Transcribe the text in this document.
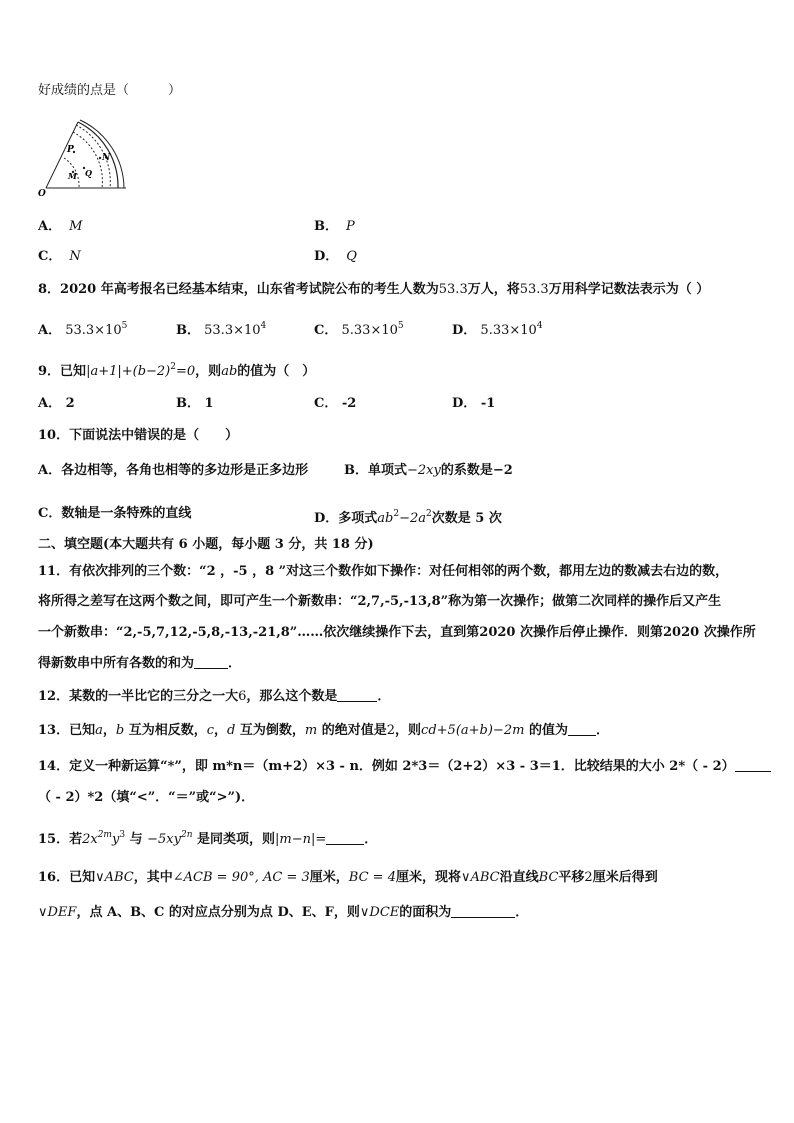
好成绩的点是（　　　）
P
N
M Q
O
A． M	B． P
C． N	D． Q
8．2020 年高考报名已经基本结束，山东省考试院公布的考生人数为53.3万人，将53.3万用科学记数法表示为（ ）
A． $53.3\times 10^5$	B． $53.3\times 10^4$	C． $5.33\times 10^5$	D． $5.33\times 10^4$
9．已知$|a+1|+(b-2)^2=0$，则ab的值为（　）
A． 2	B． 1	C． -2	D． -1
10．下面说法中错误的是（　　）
A．各边相等，各角也相等的多边形是正多边形	B．单项式−2xy的系数是−2
C．数轴是一条特殊的直线	D．多项式$ab^2-2a^2$次数是 5 次
二、填空题(本大题共有 6 小题，每小题 3 分，共 18 分)
11．有依次排列的三个数：“2 ，-5 ，8 ”对这三个数作如下操作：对任何相邻的两个数，都用左边的数减去右边的数，
将所得之差写在这两个数之间，即可产生一个新数串：“2,7,-5,-13,8”称为第一次操作；做第二次同样的操作后又产生
一个新数串：“2,-5,7,12,-5,8,-13,-21,8”……依次继续操作下去，直到第2020 次操作后停止操作．则第2020 次操作所
得新数串中所有各数的和为	．
12．某数的一半比它的三分之一大6，那么这个数是	．
13．已知a，b 互为相反数，c，d 互为倒数，m 的绝对值是2，则cd+5(a+b)−2m 的值为 ．
14．定义一种新运算“*”，即 m*n＝（m+2）×3 - n．例如 2*3＝（2+2）×3 - 3＝1．比较结果的大小 2*（ - 2）
（ - 2）*2（填“<”．“＝”或“>”)．
15．若$2x^{2m}y^3$ 与 $-5xy^{2n}$ 是同类项，则|m−n|=	．
16．已知∨ABC，其中∠ACB = 90°, AC = 3厘米，BC = 4厘米，现将∨ABC沿直线BC平移2厘米后得到
∨DEF，点 A、B、C 的对应点分别为点 D、E、F，则∨DCE的面积为	．
